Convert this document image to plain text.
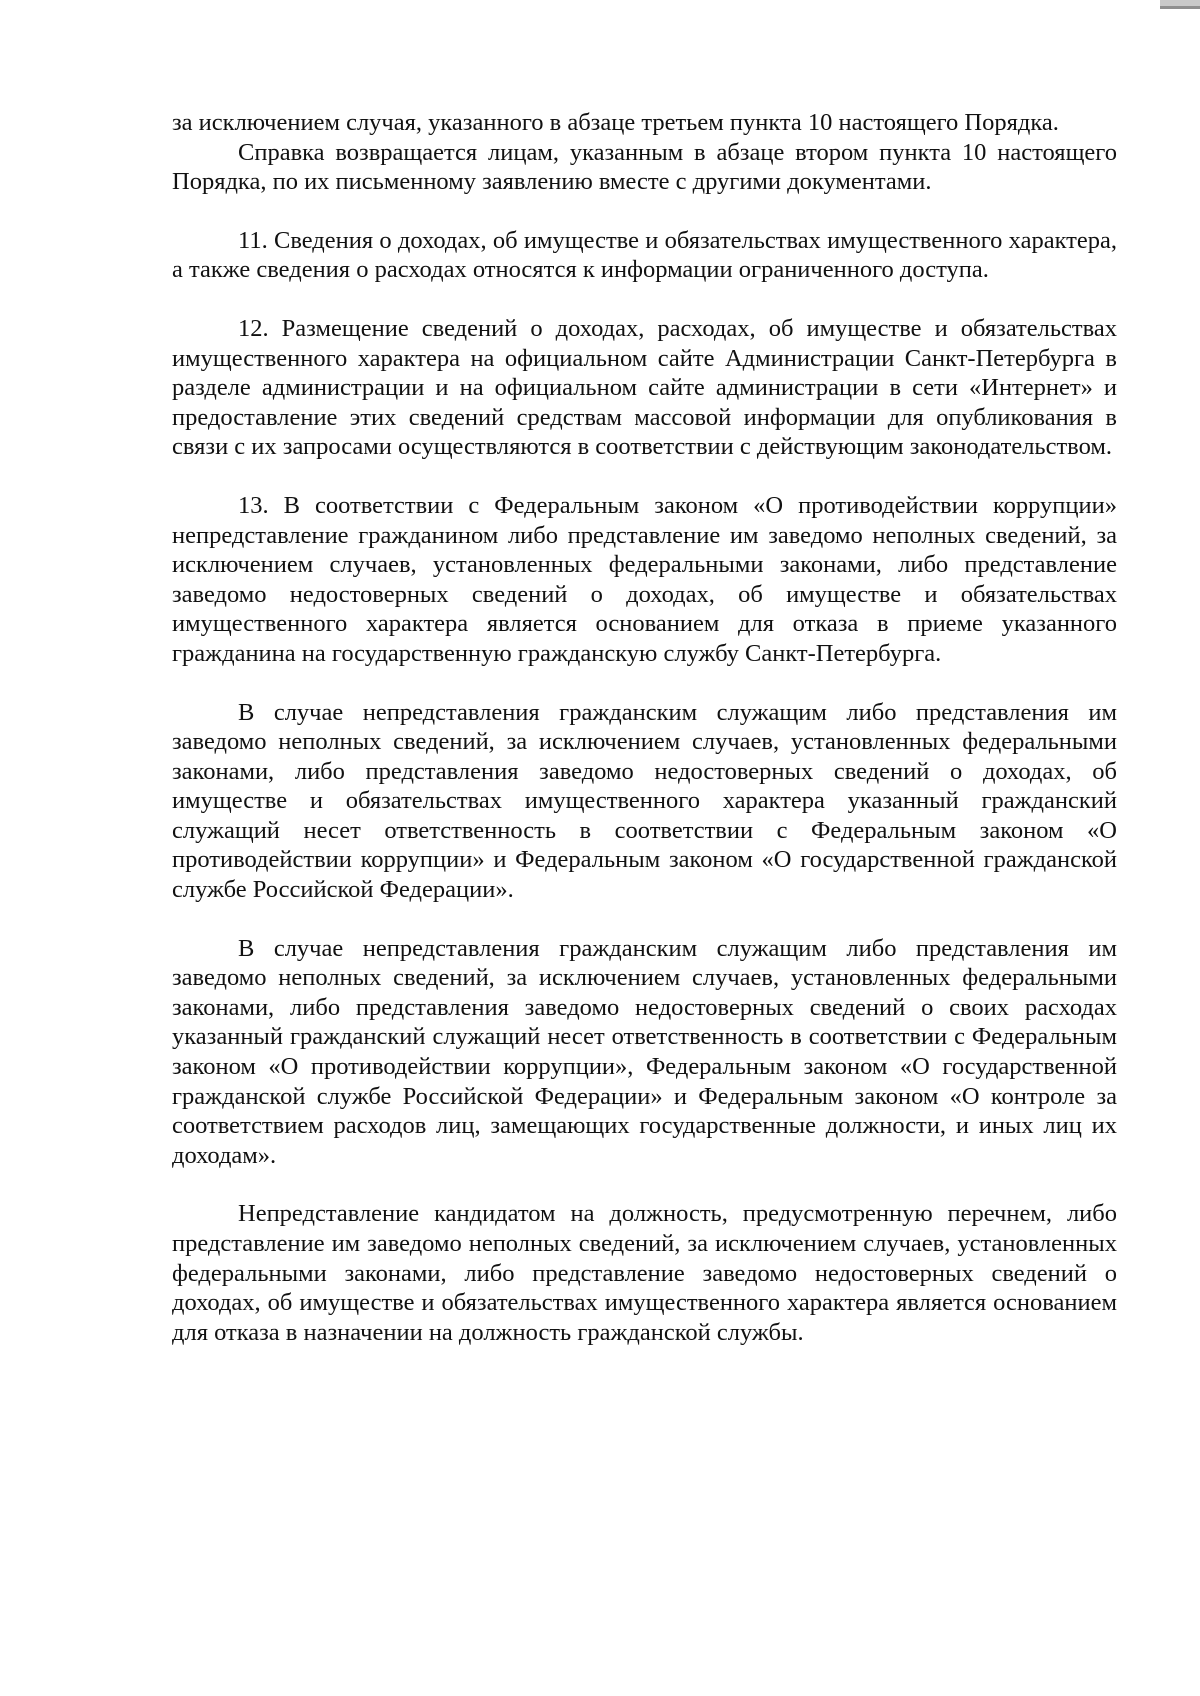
за исключением случая, указанного в абзаце третьем пункта 10 настоящего Порядка.

Справка возвращается лицам, указанным в абзаце втором пункта 10 настоящего Порядка, по их письменному заявлению вместе с другими документами.

11. Сведения о доходах, об имуществе и обязательствах имущественного характера, а также сведения о расходах относятся к информации ограниченного доступа.

12. Размещение сведений о доходах, расходах, об имуществе и обязательствах имущественного характера на официальном сайте Администрации Санкт-Петербурга в разделе администрации и на официальном сайте администрации в сети «Интернет» и предоставление этих сведений средствам массовой информации для опубликования в связи с их запросами осуществляются в соответствии с действующим законодательством.

13. В соответствии с Федеральным законом «О противодействии коррупции» непредставление гражданином либо представление им заведомо неполных сведений, за исключением случаев, установленных федеральными законами, либо представление заведомо недостоверных сведений о доходах, об имуществе и обязательствах имущественного характера является основанием для отказа в приеме указанного гражданина на государственную гражданскую службу Санкт-Петербурга.

В случае непредставления гражданским служащим либо представления им заведомо неполных сведений, за исключением случаев, установленных федеральными законами, либо представления заведомо недостоверных сведений о доходах, об имуществе и обязательствах имущественного характера указанный гражданский служащий несет ответственность в соответствии с Федеральным законом «О противодействии коррупции» и Федеральным законом «О государственной гражданской службе Российской Федерации».

В случае непредставления гражданским служащим либо представления им заведомо неполных сведений, за исключением случаев, установленных федеральными законами, либо представления заведомо недостоверных сведений о своих расходах указанный гражданский служащий несет ответственность в соответствии с Федеральным законом «О противодействии коррупции», Федеральным законом «О государственной гражданской службе Российской Федерации» и Федеральным законом «О контроле за соответствием расходов лиц, замещающих государственные должности, и иных лиц их доходам».

Непредставление кандидатом на должность, предусмотренную перечнем, либо представление им заведомо неполных сведений, за исключением случаев, установленных федеральными законами, либо представление заведомо недостоверных сведений о доходах, об имуществе и обязательствах имущественного характера является основанием для отказа в назначении на должность гражданской службы.
